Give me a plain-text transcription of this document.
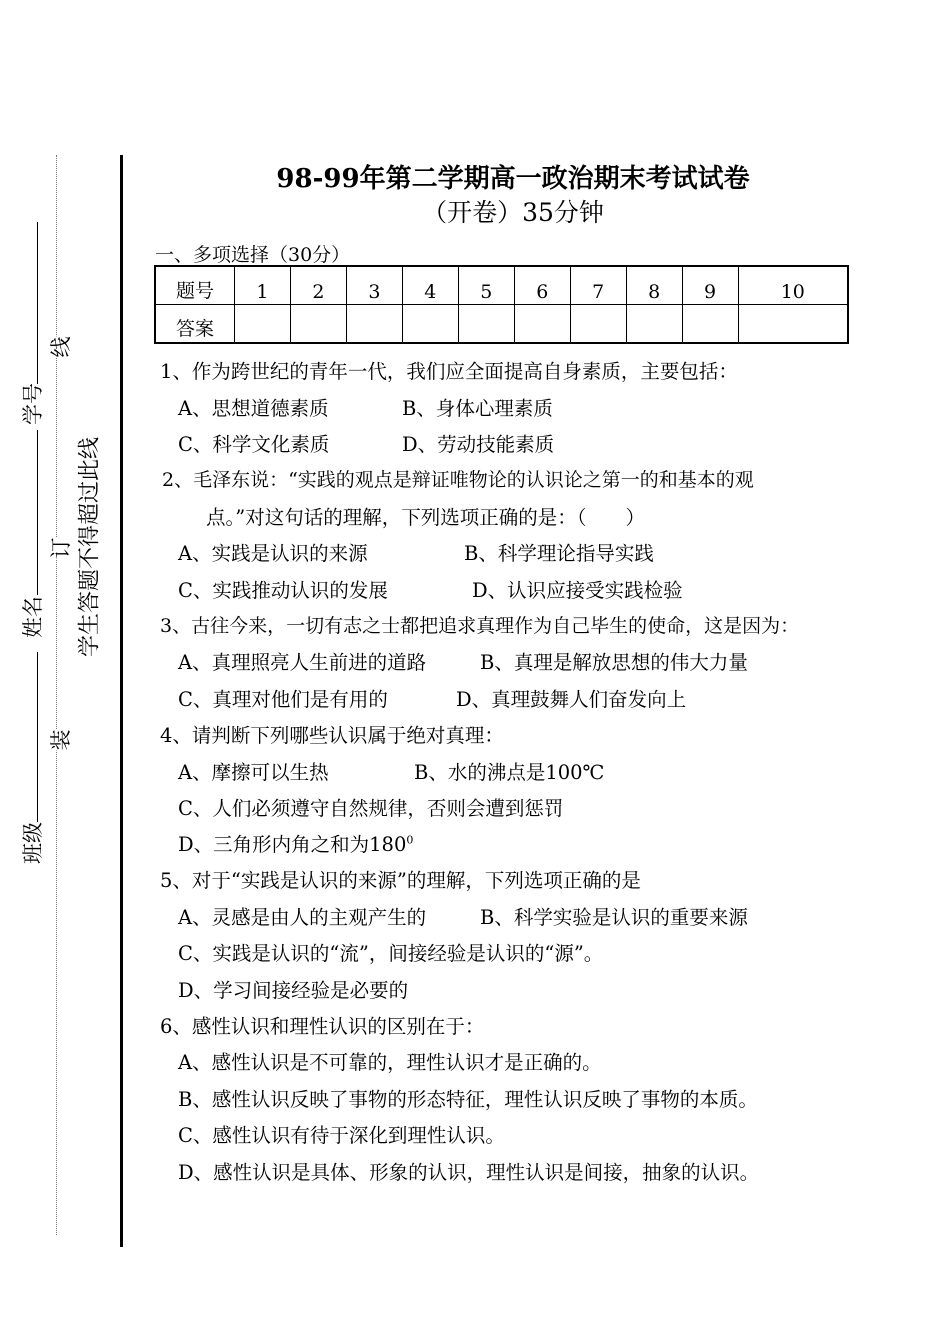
班级
姓名
学号
装
订
线
学生答题不得超过此线
98-99年第二学期高一政治期末考试试卷
（开卷）35分钟
一、多项选择（30分）
题号	1	2	3	4	5	6	7	8	9	10
答案										
1、作为跨世纪的青年一代，我们应全面提高自身素质，主要包括：
A、思想道德素质	B、身体心理素质
C、科学文化素质	D、劳动技能素质
2、毛泽东说：“实践的观点是辩证唯物论的认识论之第一的和基本的观
点。”对这句话的理解，下列选项正确的是：（　　）
A、实践是认识的来源	B、科学理论指导实践
C、实践推动认识的发展	D、认识应接受实践检验
3、古往今来，一切有志之士都把追求真理作为自己毕生的使命，这是因为：
A、真理照亮人生前进的道路	B、真理是解放思想的伟大力量
C、真理对他们是有用的	D、真理鼓舞人们奋发向上
4、请判断下列哪些认识属于绝对真理：
A、摩擦可以生热	B、水的沸点是100℃
C、人们必须遵守自然规律，否则会遭到惩罚
D、三角形内角之和为$180^0$
5、对于“实践是认识的来源”的理解，下列选项正确的是
A、灵感是由人的主观产生的	B、科学实验是认识的重要来源
C、实践是认识的“流”，间接经验是认识的“源”。
D、学习间接经验是必要的
6、感性认识和理性认识的区别在于：
A、感性认识是不可靠的，理性认识才是正确的。
B、感性认识反映了事物的形态特征，理性认识反映了事物的本质。
C、感性认识有待于深化到理性认识。
D、感性认识是具体、形象的认识，理性认识是间接，抽象的认识。
